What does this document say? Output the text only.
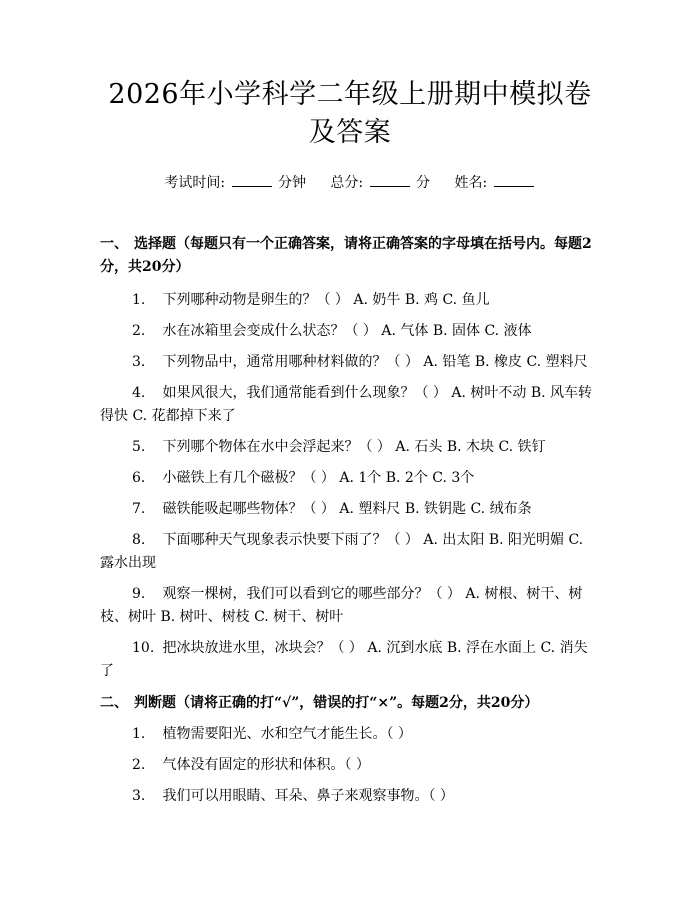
2026年小学科学二年级上册期中模拟卷及答案
考试时间:	分钟 总分:	分 姓名:

一、 选择题（每题只有一个正确答案，请将正确答案的字母填在括号内。每题2分，共20分）

1. 下列哪种动物是卵生的？（ ） A. 奶牛 B. 鸡 C. 鱼儿
2. 水在冰箱里会变成什么状态？（ ） A. 气体 B. 固体 C. 液体
3. 下列物品中，通常用哪种材料做的？（ ） A. 铅笔 B. 橡皮 C. 塑料尺
4. 如果风很大，我们通常能看到什么现象？（ ） A. 树叶不动 B. 风车转得快 C. 花都掉下来了
5. 下列哪个物体在水中会浮起来？（ ） A. 石头 B. 木块 C. 铁钉
6. 小磁铁上有几个磁极？（ ） A. 1个 B. 2个 C. 3个
7. 磁铁能吸起哪些物体？（ ） A. 塑料尺 B. 铁钥匙 C. 绒布条
8. 下面哪种天气现象表示快要下雨了？（ ） A. 出太阳 B. 阳光明媚 C. 露水出现
9. 观察一棵树，我们可以看到它的哪些部分？（ ） A. 树根、树干、树枝、树叶 B. 树叶、树枝 C. 树干、树叶
10. 把冰块放进水里，冰块会？（ ） A. 沉到水底 B. 浮在水面上 C. 消失了

二、 判断题（请将正确的打“√”，错误的打“×”。每题2分，共20分）

1. 植物需要阳光、水和空气才能生长。（ ）
2. 气体没有固定的形状和体积。（ ）
3. 我们可以用眼睛、耳朵、鼻子来观察事物。（ ）
